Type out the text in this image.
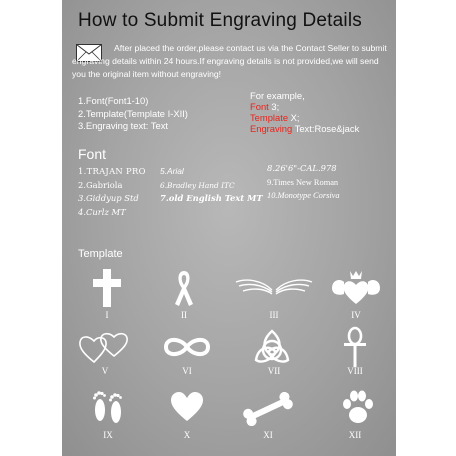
How to Submit Engraving Details
After placed the order,please contact us via the Contact Seller to submit engraving details within 24 hours.If engraving details is not provided,we will send you the original item without engraving!
1.Font(Font1-10)
2.Template(Template I-XII)
3.Engraving text: Text
For example,
Font 3;
Template X;
Engraving Text:Rose&jack
Font
1.TRAJAN PRO
2.Gabriola
3.Giddyup Std
4.Curlz MT
5.Arial
6.Bradley Hand ITC
7.old English Text MT
8.26'6"-CAL.978
9.Times New Roman
10.Monotype Corsiva
Template
I	II	III	IV
V	VI	VII	VIII
IX	X	XI	XII
